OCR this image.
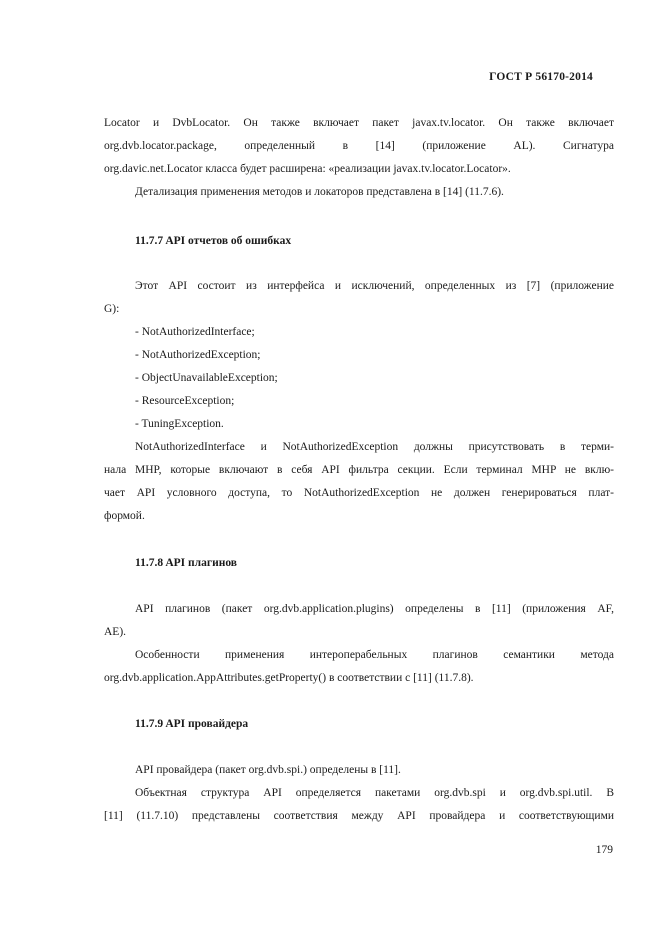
ГОСТ Р 56170-2014
Locator и DvbLocator. Он также включает пакет javax.tv.locator. Он также включает
org.dvb.locator.package, определенный в [14] (приложение AL). Сигнатура
org.davic.net.Locator класса будет расширена: «реализации javax.tv.locator.Locator».
Детализация применения методов и локаторов представлена в [14] (11.7.6).
11.7.7 API отчетов об ошибках
Этот API состоит из интерфейса и исключений, определенных из [7] (приложение
G):
- NotAuthorizedInterface;
- NotAuthorizedException;
- ObjectUnavailableException;
- ResourceException;
- TuningException.
NotAuthorizedInterface и NotAuthorizedException должны присутствовать в терми-
нала MHP, которые включают в себя API фильтра секции. Если терминал MHP не вклю-
чает API условного доступа, то NotAuthorizedException не должен генерироваться плат-
формой.
11.7.8 API плагинов
API плагинов (пакет org.dvb.application.plugins) определены в [11] (приложения AF,
AE).
Особенности применения интероперабельных плагинов семантики метода
org.dvb.application.AppAttributes.getProperty() в соответствии с [11] (11.7.8).
11.7.9 API провайдера
API провайдера (пакет org.dvb.spi.) определены в [11].
Объектная структура API определяется пакетами org.dvb.spi и org.dvb.spi.util. В
[11] (11.7.10) представлены соответствия между API провайдера и соответствующими
179
